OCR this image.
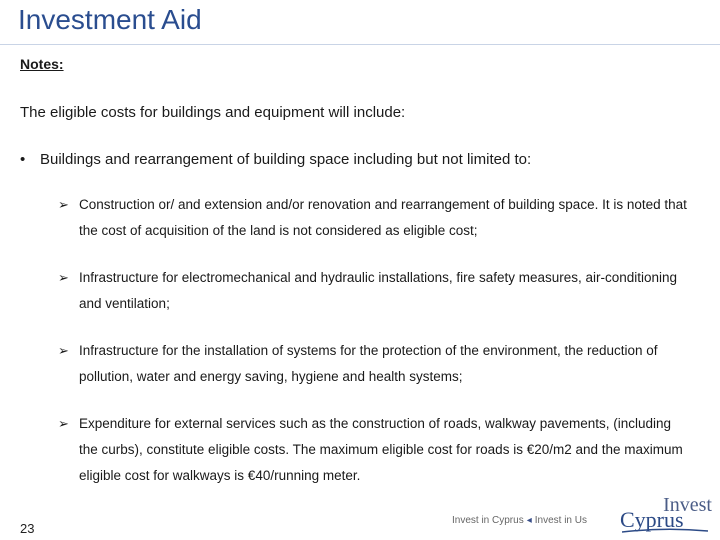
Investment Aid
Notes:
The eligible costs for buildings and equipment will include:
• Buildings and rearrangement of building space including but not limited to:
➢ Construction or/ and extension and/or renovation and rearrangement of building space. It is noted that the cost of acquisition of the land is not considered as eligible cost;
➢ Infrastructure for electromechanical and hydraulic installations, fire safety measures, air-conditioning and ventilation;
➢ Infrastructure for the installation of systems for the protection of the environment, the reduction of pollution, water and energy saving, hygiene and health systems;
➢ Expenditure for external services such as the construction of roads, walkway pavements, (including the curbs), constitute eligible costs. The maximum eligible cost for roads is €20/m2 and the maximum eligible cost for walkways is €40/running meter.
23
Invest in Cyprus ◂ Invest in Us
Invest
Cyprus
